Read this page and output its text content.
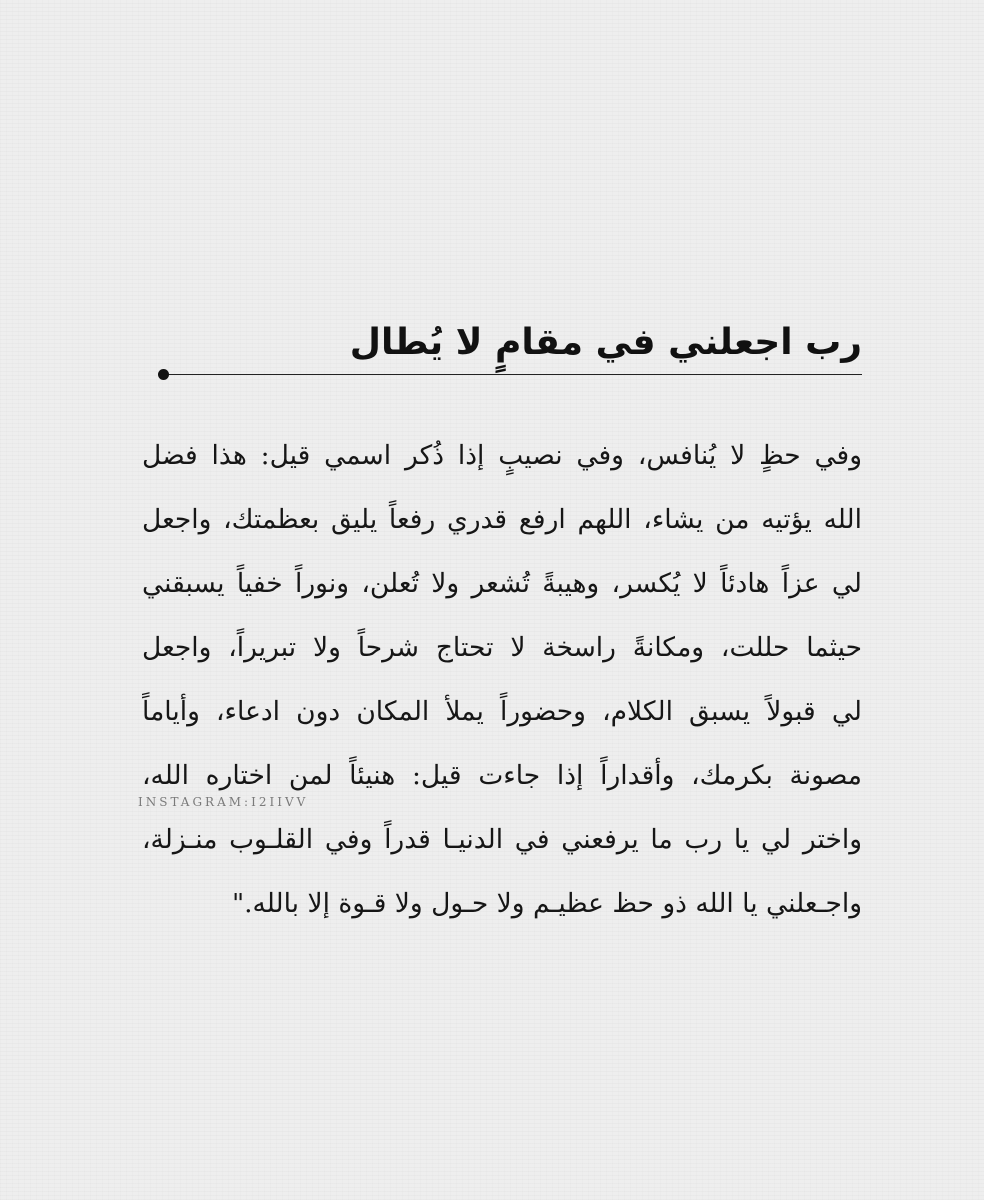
رب اجعلني في مقامٍ لا يُطال
وفي حظٍ لا يُنافس، وفي نصيبٍ إذا ذُكر اسمي قيل: هذا فضل
الله يؤتيه من يشاء، اللهم ارفع قدري رفعاً يليق بعظمتك، واجعل
لي عزاً هادئاً لا يُكسر، وهيبةً تُشعر ولا تُعلن، ونوراً خفياً يسبقني
حيثما حللت، ومكانةً راسخة لا تحتاج شرحاً ولا تبريراً، واجعل
لي قبولاً يسبق الكلام، وحضوراً يملأ المكان دون ادعاء، وأياماً
مصونة بكرمك، وأقداراً إذا جاءت قيل: هنيئاً لمن اختاره الله،
واختر لي يا رب ما يرفعني في الدنيـا قدراً وفي القلـوب منـزلة،
واجـعلني يا الله ذو حظ عظيـم ولا حـول ولا قـوة إلا بالله."
INSTAGRAM:I2IIVV
